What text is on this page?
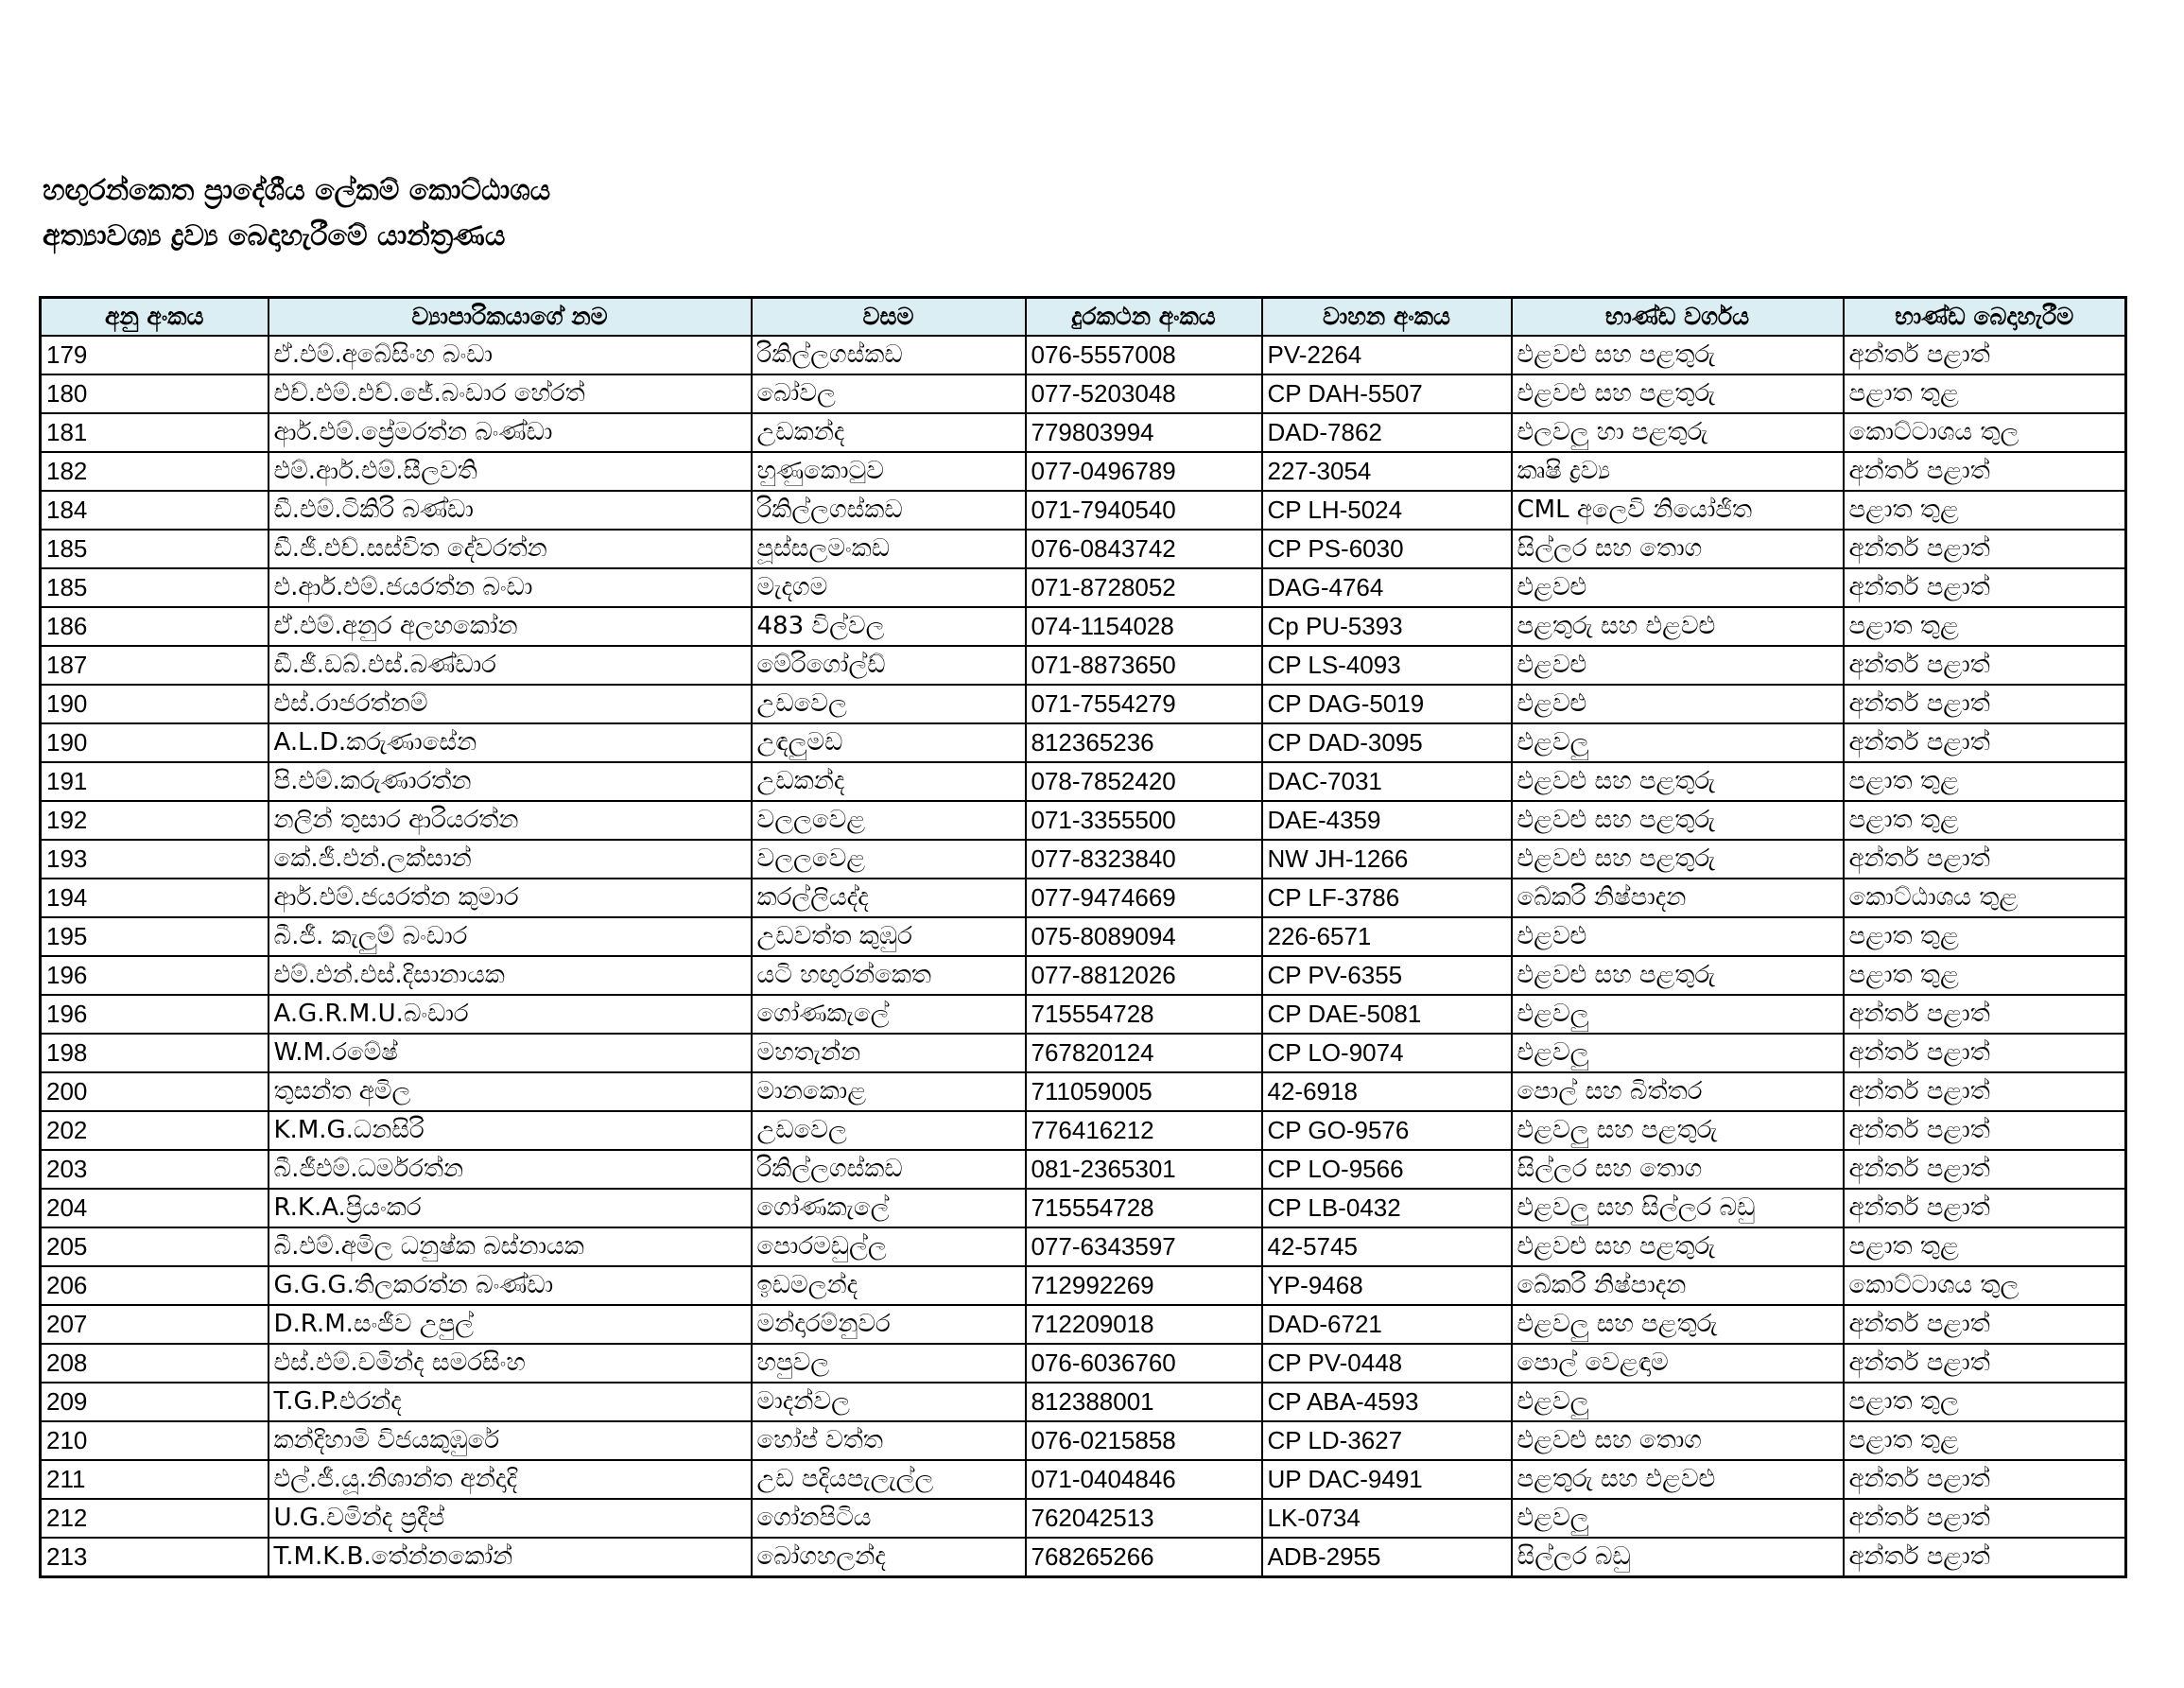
හඟුරන්කෙත ප්‍රාදේශීය ලේකම් කොට්ඨාශය
අත්‍යාවශ්‍ය ද්‍රව්‍ය බෙදාහැරීමේ යාන්ත්‍රණය
අනු අංකය	ව්‍යාපාරිකයාගේ නම	වසම	දුරකථන අංකය	වාහන අංකය	භාණ්ඩ වර්ගය	භාණ්ඩ බෙදාහැරීම
179	ඒ.එම්.අබේසිංහ බංඩා	රිකිල්ලගස්කඩ	076-5557008	PV-2264	එළවළු සහ පළතුරු	අන්තර් පළාත්
180	එච්.එම්.එච්.ජේ.බංඩාර හේරත්	බෝවල	077-5203048	CP DAH-5507	එළවළු සහ පළතුරු	පළාත තුළ
181	ආර්.එම්.ප්‍රේමරත්න බංණ්ඩා	උඩකන්ද	779803994	DAD-7862	එලවලු හා පළතුරු	කොට්ටාශය තුල
182	එම්.ආර්.එම්.සීලවති	හුණුකොටුව	077-0496789	227-3054	කෘෂි ද්‍රව්‍ය	අන්තර් පළාත්
184	ඩී.එම්.ටිකිරි බණ්ඩා	රිකිල්ලගස්කඩ	071-7940540	CP LH-5024	CML අලෙවි නියෝජිත	පළාත තුළ
185	ඩී.ජී.එච්.සස්විත දේවරත්න	පූස්සලමංකඩ	076-0843742	CP PS-6030	සිල්ලර සහ තොග	අන්තර් පළාත්
185	එ.ආර්.එම්.ජයරත්න බංඩා	මැදගම	071-8728052	DAG-4764	එළවළු	අන්තර් පළාත්
186	ඒ.එම්.අනුර අලහකෝන	483 විල්වල	074-1154028	Cp PU-5393	පළතුරු සහ එළවළු	පළාත තුළ
187	ඩී.ජී.ඩබ්.එස්.බණ්ඩාර	මේරිගෝල්ඩ්	071-8873650	CP LS-4093	එළවළු	අන්තර් පළාත්
190	එස්.රාජරත්නම්	උඩවෙල	071-7554279	CP DAG-5019	එළවළු	අන්තර් පළාත්
190	A.L.D.කරුණාසේන	උඳලුමඩ	812365236	CP DAD-3095	එළවලු	අන්තර් පළාත්
191	පි.එම්.කරුණාරත්න	උඩකන්ද	078-7852420	DAC-7031	එළවළු සහ පළතුරු	පළාත තුළ
192	නලින් තුසාර ආරියරත්න	වලලවෙළ	071-3355500	DAE-4359	එළවළු සහ පළතුරු	පළාත තුළ
193	කේ.ජී.එන්.ලක්සාන්	වලලවෙළ	077-8323840	NW JH-1266	එළවළු සහ පළතුරු	අන්තර් පළාත්
194	ආර්.එම්.ජයරත්න කුමාර	කරල්ලියද්ද	077-9474669	CP LF-3786	බේකරි නිෂ්පාදන	කොට්ඨාශය තුළ
195	බී.ජී. කැලුම් බංඩාර	උඩවත්ත කුඹුර	075-8089094	226-6571	එළවළු	පළාත තුළ
196	එම්.එන්.එස්.දිසානායක	යටි හඟුරන්කෙත	077-8812026	CP PV-6355	එළවළු සහ පළතුරු	පළාත තුළ
196	A.G.R.M.U.බංඩාර	ගෝණකැලේ	715554728	CP DAE-5081	එළවලු	අන්තර් පළාත්
198	W.M.රමේෂ්	මහතැන්න	767820124	CP LO-9074	එළවලු	අන්තර් පළාත්
200	තුසන්ත අමිල	මානකොළ	711059005	42-6918	පොල් සහ බිත්තර	අන්තර් පළාත්
202	K.M.G.ධනසිරි	උඩවෙල	776416212	CP GO-9576	එළවලු සහ පළතුරු	අන්තර් පළාත්
203	බී.ජීඑම්.ධර්මරත්න	රිකිල්ලගස්කඩ	081-2365301	CP LO-9566	සිල්ලර සහ තොග	අන්තර් පළාත්
204	R.K.A.ප්‍රියංකර	ගෝණකැලේ	715554728	CP LB-0432	එළවලු සහ සිල්ලර බඩු	අන්තර් පළාත්
205	බී.එම්.අමිල ධනුෂ්ක බස්නායක	පොරමඩුල්ල	077-6343597	42-5745	එළවළු සහ පළතුරු	පළාත තුළ
206	G.G.G.තිලකරත්න බංණ්ඩා	ඉඩමලන්ද	712992269	YP-9468	බේකරි නිෂ්පාදන	කොට්ටාශය තුල
207	D.R.M.සංජීව උපුල්	මන්දාරම්නුවර	712209018	DAD-6721	එළවලු සහ පළතුරු	අන්තර් පළාත්
208	එස්.එම්.චමින්ද සමරසිංහ	හපුවල	076-6036760	CP PV-0448	පොල් වෙළඳාම	අන්තර් පළාත්
209	T.G.P.එරන්ද	මාදන්වල	812388001	CP ABA-4593	එළවලු	පළාත තුල
210	කන්දිහාමි විජයකුඹුරේ	හෝප් වත්ත	076-0215858	CP LD-3627	එළවළු සහ තොග	පළාත තුළ
211	එල්.ජී.යූ.නිශාන්ත අන්දාදි	උඩ පදියපැලැල්ල	071-0404846	UP DAC-9491	පළතුරු සහ එළවළු	අන්තර් පළාත්
212	U.G.චමින්ද ප්‍රදීප්	ගෝනපිටිය	762042513	LK-0734	එළවලු	අන්තර් පළාත්
213	T.M.K.B.තේන්නකෝන්	බෝගහලන්ද	768265266	ADB-2955	සිල්ලර බඩු	අන්තර් පළාත්
